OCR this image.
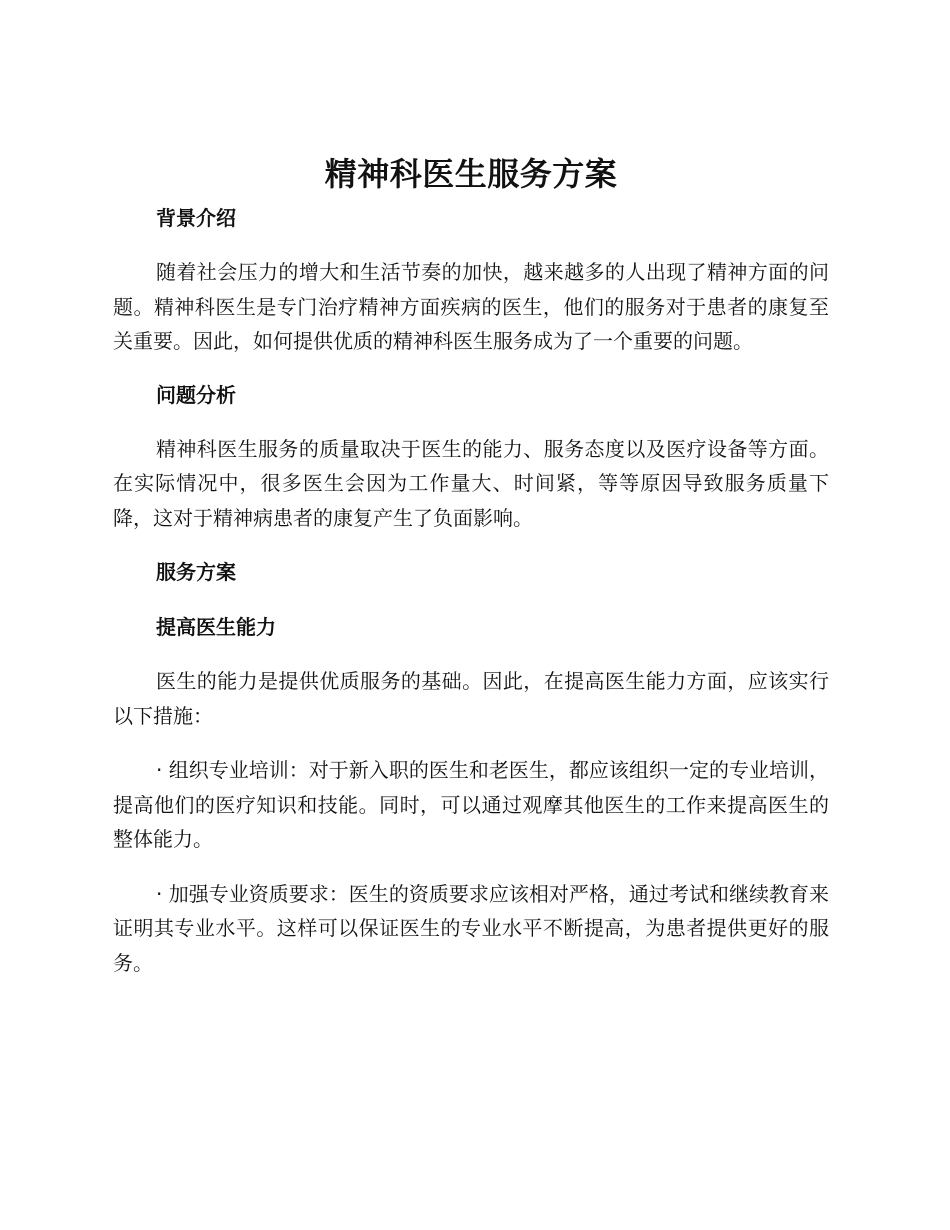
精神科医生服务方案
背景介绍

随着社会压力的增大和生活节奏的加快，越来越多的人出现了精神方面的问题。精神科医生是专门治疗精神方面疾病的医生，他们的服务对于患者的康复至关重要。因此，如何提供优质的精神科医生服务成为了一个重要的问题。

问题分析

精神科医生服务的质量取决于医生的能力、服务态度以及医疗设备等方面。在实际情况中，很多医生会因为工作量大、时间紧，等等原因导致服务质量下降，这对于精神病患者的康复产生了负面影响。

服务方案
提高医生能力

医生的能力是提供优质服务的基础。因此，在提高医生能力方面，应该实行以下措施：

· 组织专业培训：对于新入职的医生和老医生，都应该组织一定的专业培训，提高他们的医疗知识和技能。同时，可以通过观摩其他医生的工作来提高医生的整体能力。

· 加强专业资质要求：医生的资质要求应该相对严格，通过考试和继续教育来证明其专业水平。这样可以保证医生的专业水平不断提高，为患者提供更好的服务。
